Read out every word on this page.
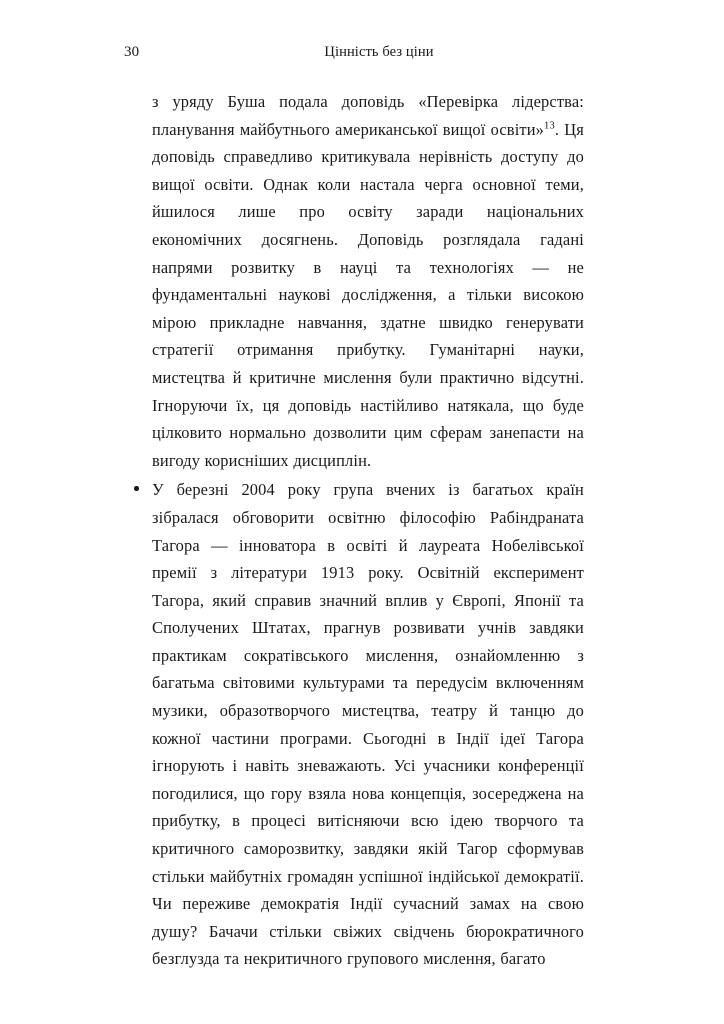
30	Цінність без ціни

з уряду Буша подала доповідь «Перевірка лідерства: планування майбутнього американської вищої освіти»$^{13}$. Ця доповідь справедливо критикувала нерівність доступу до вищої освіти. Однак коли настала черга основної теми, йшилося лише про освіту заради національних економічних досягнень. Доповідь розглядала гадані напрями розвитку в науці та технологіях — не фундаментальні наукові дослідження, а тільки високою мірою прикладне навчання, здатне швидко генерувати стратегії отримання прибутку. Гуманітарні науки, мистецтва й критичне мислення були практично відсутні. Ігноруючи їх, ця доповідь настійливо натякала, що буде цілковито нормально дозволити цим сферам занепасти на вигоду корисніших дисциплін.

У березні 2004 року група вчених із багатьох країн зібралася обговорити освітню філософію Рабіндраната Тагора — інноватора в освіті й лауреата Нобелівської премії з літератури 1913 року. Освітній експеримент Тагора, який справив значний вплив у Європі, Японії та Сполучених Штатах, прагнув розвивати учнів завдяки практикам сократівського мислення, ознайомленню з багатьма світовими культурами та передусім включенням музики, образотворчого мистецтва, театру й танцю до кожної частини програми. Сьогодні в Індії ідеї Тагора ігнорують і навіть зневажають. Усі учасники конференції погодилися, що гору взяла нова концепція, зосереджена на прибутку, в процесі витісняючи всю ідею творчого та критичного саморозвитку, завдяки якій Тагор сформував стільки майбутніх громадян успішної індійської демократії. Чи переживе демократія Індії сучасний замах на свою душу? Бачачи стільки свіжих свідчень бюрократичного безглузда та некритичного групового мислення, багато
